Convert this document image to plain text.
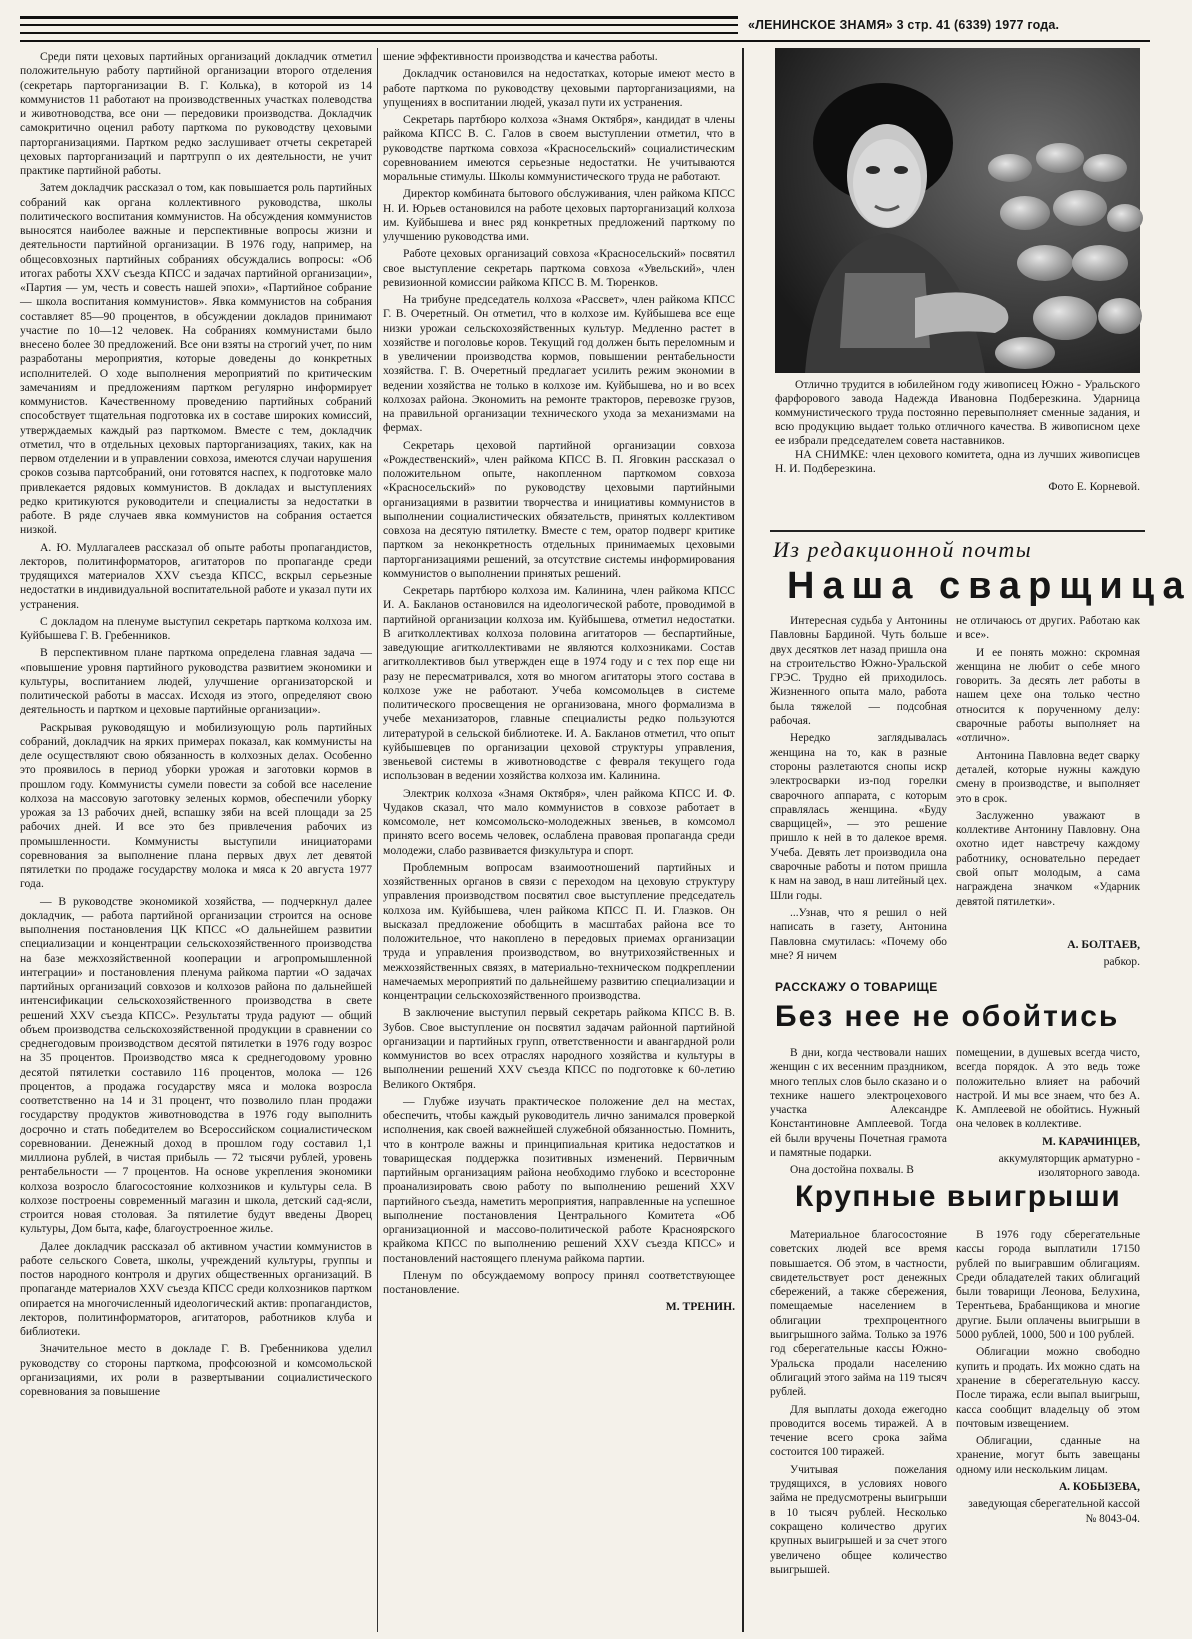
«ЛЕНИНСКОЕ ЗНАМЯ» 3 стр. 41 (6339) 1977 года.

Среди пяти цеховых партийных организаций докладчик отметил положительную работу партийной организации второго отделения (секретарь парторганизации В. Г. Колька), в которой из 14 коммунистов 11 работают на производственных участках полеводства и животноводства, все они — передовики производства. Докладчик самокритично оценил работу парткома по руководству цеховыми парторганизациями. Партком редко заслушивает отчеты секретарей цеховых парторганизаций и партгрупп о их деятельности, не учит практике партийной работы.

Затем докладчик рассказал о том, как повышается роль партийных собраний как органа коллективного руководства, школы политического воспитания коммунистов. На обсуждения коммунистов выносятся наиболее важные и перспективные вопросы жизни и деятельности партийной организации. В 1976 году, например, на общесовхозных партийных собраниях обсуждались вопросы: «Об итогах работы XXV съезда КПСС и задачах партийной организации», «Партия — ум, честь и совесть нашей эпохи», «Партийное собрание — школа воспитания коммунистов». Явка коммунистов на собрания составляет 85—90 процентов, в обсуждении докладов принимают участие по 10—12 человек. На собраниях коммунистами было внесено более 30 предложений. Все они взяты на строгий учет, по ним разработаны мероприятия, которые доведены до конкретных исполнителей. О ходе выполнения мероприятий по критическим замечаниям и предложениям партком регулярно информирует коммунистов. Качественному проведению партийных собраний способствует тщательная подготовка их в составе широких комиссий, утверждаемых каждый раз парткомом. Вместе с тем, докладчик отметил, что в отдельных цеховых парторганизациях, таких, как на первом отделении и в управлении совхоза, имеются случаи нарушения сроков созыва партсобраний, они готовятся наспех, к подготовке мало привлекается рядовых коммунистов. В докладах и выступлениях редко критикуются руководители и специалисты за недостатки в работе. В ряде случаев явка коммунистов на собрания остается низкой.

А. Ю. Муллагалеев рассказал об опыте работы пропагандистов, лекторов, политинформаторов, агитаторов по пропаганде среди трудящихся материалов XXV съезда КПСС, вскрыл серьезные недостатки в индивидуальной воспитательной работе и указал пути их устранения.

С докладом на пленуме выступил секретарь парткома колхоза им. Куйбышева Г. В. Гребенников.

В перспективном плане парткома определена главная задача — «повышение уровня партийного руководства развитием экономики и культуры, воспитанием людей, улучшение организаторской и политической работы в массах. Исходя из этого, определяют свою деятельность и партком и цеховые партийные организации».

Раскрывая руководящую и мобилизующую роль партийных собраний, докладчик на ярких примерах показал, как коммунисты на деле осуществляют свою обязанность в колхозных делах. Особенно это проявилось в период уборки урожая и заготовки кормов в прошлом году. Коммунисты сумели повести за собой все население колхоза на массовую заготовку зеленых кормов, обеспечили уборку урожая за 13 рабочих дней, вспашку зяби на всей площади за 25 рабочих дней. И все это без привлечения рабочих из промышленности. Коммунисты выступили инициаторами соревнования за выполнение плана первых двух лет девятой пятилетки по продаже государству молока и мяса к 20 августа 1977 года.

— В руководстве экономикой хозяйства, — подчеркнул далее докладчик, — работа партийной организации строится на основе выполнения постановления ЦК КПСС «О дальнейшем развитии специализации и концентрации сельскохозяйственного производства на базе межхозяйственной кооперации и агропромышленной интеграции» и постановления пленума райкома партии «О задачах партийных организаций совхозов и колхозов района по дальнейшей интенсификации сельскохозяйственного производства в свете решений XXV съезда КПСС». Результаты труда радуют — общий объем производства сельскохозяйственной продукции в сравнении со среднегодовым производством десятой пятилетки в 1976 году возрос на 35 процентов. Производство мяса к среднегодовому уровню десятой пятилетки составило 116 процентов, молока — 126 процентов, а продажа государству мяса и молока возросла соответственно на 14 и 31 процент, что позволило план продажи государству продуктов животноводства в 1976 году выполнить досрочно и стать победителем во Всероссийском социалистическом соревновании. Денежный доход в прошлом году составил 1,1 миллиона рублей, в чистая прибыль — 72 тысячи рублей, уровень рентабельности — 7 процентов. На основе укрепления экономики колхоза возросло благосостояние колхозников и культуры села. В колхозе построены современный магазин и школа, детский сад-ясли, строится новая столовая. За пятилетие будут введены Дворец культуры, Дом быта, кафе, благоустроенное жилье.

Далее докладчик рассказал об активном участии коммунистов в работе сельского Совета, школы, учреждений культуры, группы и постов народного контроля и других общественных организаций. В пропаганде материалов XXV съезда КПСС среди колхозников партком опирается на многочисленный идеологический актив: пропагандистов, лекторов, политинформаторов, агитаторов, работников клуба и библиотеки.

Значительное место в докладе Г. В. Гребенникова уделил руководству со стороны парткома, профсоюзной и комсомольской организациями, их роли в развертывании социалистического соревнования за повышение

шение эффективности производства и качества работы.

Докладчик остановился на недостатках, которые имеют место в работе парткома по руководству цеховыми парторганизациями, на упущениях в воспитании людей, указал пути их устранения.

Секретарь партбюро колхоза «Знамя Октября», кандидат в члены райкома КПСС В. С. Галов в своем выступлении отметил, что в руководстве парткома совхоза «Красносельский» социалистическим соревнованием имеются серьезные недостатки. Не учитываются моральные стимулы. Школы коммунистического труда не работают.

Директор комбината бытового обслуживания, член райкома КПСС Н. И. Юрьев остановился на работе цеховых парторганизаций колхоза им. Куйбышева и внес ряд конкретных предложений парткому по улучшению руководства ими.

Работе цеховых организаций совхоза «Красносельский» посвятил свое выступление секретарь парткома совхоза «Увельский», член ревизионной комиссии райкома КПСС В. М. Тюренков.

На трибуне председатель колхоза «Рассвет», член райкома КПСС Г. В. Очеретный. Он отметил, что в колхозе им. Куйбышева все еще низки урожаи сельскохозяйственных культур. Медленно растет в хозяйстве и поголовье коров. Текущий год должен быть переломным и в увеличении производства кормов, повышении рентабельности хозяйства. Г. В. Очеретный предлагает усилить режим экономии в ведении хозяйства не только в колхозе им. Куйбышева, но и во всех колхозах района. Экономить на ремонте тракторов, перевозке грузов, на правильной организации технического ухода за механизмами на фермах.

Секретарь цеховой партийной организации совхоза «Рождественский», член райкома КПСС В. П. Яговкин рассказал о положительном опыте, накопленном парткомом совхоза «Красносельский» по руководству цеховыми партийными организациями в развитии творчества и инициативы коммунистов в выполнении социалистических обязательств, принятых коллективом совхоза на десятую пятилетку. Вместе с тем, оратор подверг критике партком за неконкретность отдельных принимаемых цеховыми парторганизациями решений, за отсутствие системы информирования коммунистов о выполнении принятых решений.

Секретарь партбюро колхоза им. Калинина, член райкома КПСС И. А. Бакланов остановился на идеологической работе, проводимой в партийной организации колхоза им. Куйбышева, отметил недостатки. В агитколлективах колхоза половина агитаторов — беспартийные, заведующие агитколлективами не являются колхозниками. Состав агитколлективов был утвержден еще в 1974 году и с тех пор еще ни разу не пересматривался, хотя во многом агитаторы этого состава в колхозе уже не работают. Учеба комсомольцев в системе политического просвещения не организована, много формализма в учебе механизаторов, главные специалисты редко пользуются литературой в сельской библиотеке. И. А. Бакланов отметил, что опыт куйбышевцев по организации цеховой структуры управления, звеньевой системы в животноводстве с февраля текущего года использован в ведении хозяйства колхоза им. Калинина.

Электрик колхоза «Знамя Октября», член райкома КПСС И. Ф. Чудаков сказал, что мало коммунистов в совхозе работает в комсомоле, нет комсомольско-молодежных звеньев, в комсомол принято всего восемь человек, ослаблена правовая пропаганда среди молодежи, слабо развивается физкультура и спорт.

Проблемным вопросам взаимоотношений партийных и хозяйственных органов в связи с переходом на цеховую структуру управления производством посвятил свое выступление председатель колхоза им. Куйбышева, член райкома КПСС П. И. Глазков. Он высказал предложение обобщить в масштабах района все то положительное, что накоплено в передовых приемах организации труда и управления производством, во внутрихозяйственных и межхозяйственных связях, в материально-техническом подкреплении намечаемых мероприятий по дальнейшему развитию специализации и концентрации сельскохозяйственного производства.

В заключение выступил первый секретарь райкома КПСС В. В. Зубов. Свое выступление он посвятил задачам районной партийной организации и партийных групп, ответственности и авангардной роли коммунистов во всех отраслях народного хозяйства и культуры в выполнении решений XXV съезда КПСС по подготовке к 60-летию Великого Октября.

— Глубже изучать практическое положение дел на местах, обеспечить, чтобы каждый руководитель лично занимался проверкой исполнения, как своей важнейшей служебной обязанностью. Помнить, что в контроле важны и принципиальная критика недостатков и товарищеская поддержка позитивных изменений. Первичным партийным организациям района необходимо глубоко и всесторонне проанализировать свою работу по выполнению решений XXV партийного съезда, наметить мероприятия, направленные на успешное выполнение постановления Центрального Комитета «Об организационной и массово-политической работе Красноярского крайкома КПСС по выполнению решений XXV съезда КПСС» и постановлений настоящего пленума райкома партии.

Пленум по обсуждаемому вопросу принял соответствующее постановление.

М. ТРЕНИН.

Отлично трудится в юбилейном году живописец Южно - Уральского фарфорового завода Надежда Ивановна Подберезкина. Ударница коммунистического труда постоянно перевыполняет сменные задания, и всю продукцию выдает только отличного качества. В живописном цехе ее избрали председателем совета наставников.

НА СНИМКЕ: член цехового комитета, одна из лучших живописцев Н. И. Подберезкина.

Фото Е. Корневой.

Из редакционной почты
Наша сварщица

Интересная судьба у Антонины Павловны Бардиной. Чуть больше двух десятков лет назад пришла она на строительство Южно-Уральской ГРЭС. Трудно ей приходилось. Жизненного опыта мало, работа была тяжелой — подсобная рабочая.

Нередко заглядывалась женщина на то, как в разные стороны разлетаются снопы искр электросварки из-под горелки сварочного аппарата, с которым справлялась женщина. «Буду сварщицей», — это решение пришло к ней в то далекое время. Учеба. Девять лет производила она сварочные работы и потом пришла к нам на завод, в наш литейный цех. Шли годы.

...Узнав, что я решил о ней написать в газету, Антонина Павловна смутилась: «Почему обо мне? Я ничем

не отличаюсь от других. Работаю как и все».

И ее понять можно: скромная женщина не любит о себе много говорить. За десять лет работы в нашем цехе она только честно относится к порученному делу: сварочные работы выполняет на «отлично».

Антонина Павловна ведет сварку деталей, которые нужны каждую смену в производстве, и выполняет это в срок.

Заслуженно уважают в коллективе Антонину Павловну. Она охотно идет навстречу каждому работнику, основательно передает свой опыт молодым, а сама награждена значком «Ударник девятой пятилетки».

А. БОЛТАЕВ,

рабкор.

РАССКАЖУ О ТОВАРИЩЕ
Без нее не обойтись

В дни, когда чествовали наших женщин с их весенним праздником, много теплых слов было сказано и о технике нашего электроцехового участка Александре Константиновне Амплеевой. Тогда ей были вручены Почетная грамота и памятные подарки.

Она достойна похвалы. В

помещении, в душевых всегда чисто, всегда порядок. А это ведь тоже положительно влияет на рабочий настрой. И мы все знаем, что без А. К. Амплеевой не обойтись. Нужный она человек в коллективе.

М. КАРАЧИНЦЕВ,

аккумуляторщик арматурно - изоляторного завода.

Крупные выигрыши

Материальное благосостояние советских людей все время повышается. Об этом, в частности, свидетельствует рост денежных сбережений, а также сбережения, помещаемые населением в облигации трехпроцентного выигрышного займа. Только за 1976 год сберегательные кассы Южно-Уральска продали населению облигаций этого займа на 119 тысяч рублей.

Для выплаты дохода ежегодно проводится восемь тиражей. А в течение всего срока займа состоится 100 тиражей.

Учитывая пожелания трудящихся, в условиях нового займа не предусмотрены выигрыши в 10 тысяч рублей. Несколько сокращено количество других крупных выигрышей и за счет этого увеличено общее количество выигрышей.

В 1976 году сберегательные кассы города выплатили 17150 рублей по выигравшим облигациям. Среди обладателей таких облигаций были товарищи Леонова, Белухина, Терентьева, Брабанщикова и многие другие. Были оплачены выигрыши в 5000 рублей, 1000, 500 и 100 рублей.

Облигации можно свободно купить и продать. Их можно сдать на хранение в сберегательную кассу. После тиража, если выпал выигрыш, касса сообщит владельцу об этом почтовым извещением.

Облигации, сданные на хранение, могут быть завещаны одному или нескольким лицам.

А. КОБЫЗЕВА,

заведующая сберегательной кассой № 8043-04.
